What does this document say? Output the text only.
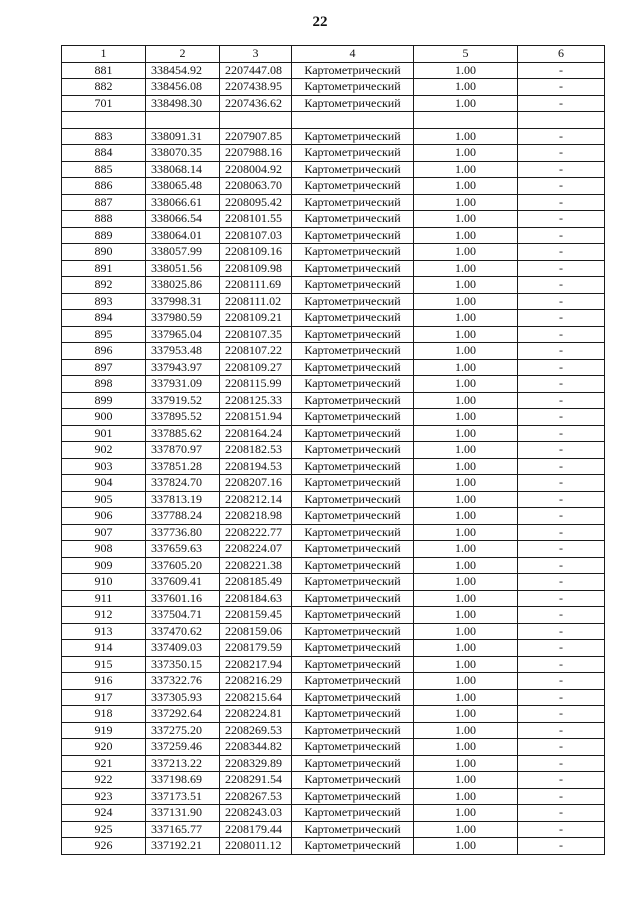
22
1	2	3	4	5	6
881	338454.92	2207447.08	Картометрический	1.00	-
882	338456.08	2207438.95	Картометрический	1.00	-
701	338498.30	2207436.62	Картометрический	1.00	-

883	338091.31	2207907.85	Картометрический	1.00	-
884	338070.35	2207988.16	Картометрический	1.00	-
885	338068.14	2208004.92	Картометрический	1.00	-
886	338065.48	2208063.70	Картометрический	1.00	-
887	338066.61	2208095.42	Картометрический	1.00	-
888	338066.54	2208101.55	Картометрический	1.00	-
889	338064.01	2208107.03	Картометрический	1.00	-
890	338057.99	2208109.16	Картометрический	1.00	-
891	338051.56	2208109.98	Картометрический	1.00	-
892	338025.86	2208111.69	Картометрический	1.00	-
893	337998.31	2208111.02	Картометрический	1.00	-
894	337980.59	2208109.21	Картометрический	1.00	-
895	337965.04	2208107.35	Картометрический	1.00	-
896	337953.48	2208107.22	Картометрический	1.00	-
897	337943.97	2208109.27	Картометрический	1.00	-
898	337931.09	2208115.99	Картометрический	1.00	-
899	337919.52	2208125.33	Картометрический	1.00	-
900	337895.52	2208151.94	Картометрический	1.00	-
901	337885.62	2208164.24	Картометрический	1.00	-
902	337870.97	2208182.53	Картометрический	1.00	-
903	337851.28	2208194.53	Картометрический	1.00	-
904	337824.70	2208207.16	Картометрический	1.00	-
905	337813.19	2208212.14	Картометрический	1.00	-
906	337788.24	2208218.98	Картометрический	1.00	-
907	337736.80	2208222.77	Картометрический	1.00	-
908	337659.63	2208224.07	Картометрический	1.00	-
909	337605.20	2208221.38	Картометрический	1.00	-
910	337609.41	2208185.49	Картометрический	1.00	-
911	337601.16	2208184.63	Картометрический	1.00	-
912	337504.71	2208159.45	Картометрический	1.00	-
913	337470.62	2208159.06	Картометрический	1.00	-
914	337409.03	2208179.59	Картометрический	1.00	-
915	337350.15	2208217.94	Картометрический	1.00	-
916	337322.76	2208216.29	Картометрический	1.00	-
917	337305.93	2208215.64	Картометрический	1.00	-
918	337292.64	2208224.81	Картометрический	1.00	-
919	337275.20	2208269.53	Картометрический	1.00	-
920	337259.46	2208344.82	Картометрический	1.00	-
921	337213.22	2208329.89	Картометрический	1.00	-
922	337198.69	2208291.54	Картометрический	1.00	-
923	337173.51	2208267.53	Картометрический	1.00	-
924	337131.90	2208243.03	Картометрический	1.00	-
925	337165.77	2208179.44	Картометрический	1.00	-
926	337192.21	2208011.12	Картометрический	1.00	-
